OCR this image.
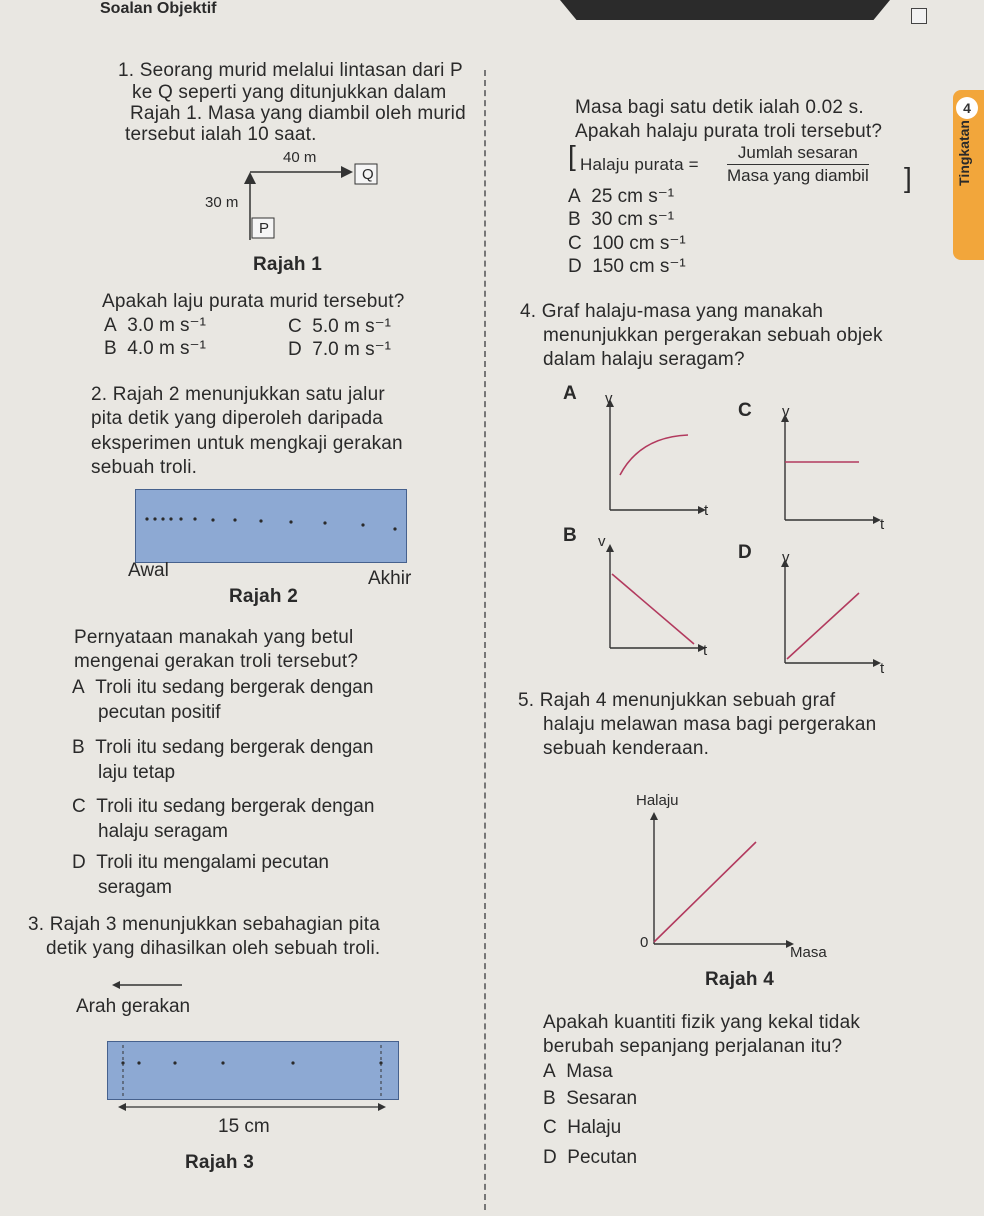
Soalan Objektif
4
Tingkatan
1. Seorang murid melalui lintasan dari P
ke Q seperti yang ditunjukkan dalam
Rajah 1. Masa yang diambil oleh murid
tersebut ialah 10 saat.
40 m
30 m
P
Q
Rajah 1
Apakah laju purata murid tersebut?
A 3.0 m s⁻¹
B 4.0 m s⁻¹
C 5.0 m s⁻¹
D 7.0 m s⁻¹
2. Rajah 2 menunjukkan satu jalur
pita detik yang diperoleh daripada
eksperimen untuk mengkaji gerakan
sebuah troli.
Awal	Akhir
Rajah 2
Pernyataan manakah yang betul
mengenai gerakan troli tersebut?
A Troli itu sedang bergerak dengan
pecutan positif
B Troli itu sedang bergerak dengan
laju tetap
C Troli itu sedang bergerak dengan
halaju seragam
D Troli itu mengalami pecutan
seragam
3. Rajah 3 menunjukkan sebahagian pita
detik yang dihasilkan oleh sebuah troli.
Arah gerakan
15 cm
Rajah 3
Masa bagi satu detik ialah 0.02 s.
Apakah halaju purata troli tersebut?
[ Halaju purata =
Jumlah sesaran
Masa yang diambil ]
A 25 cm s⁻¹
B 30 cm s⁻¹
C 100 cm s⁻¹
D 150 cm s⁻¹
4. Graf halaju-masa yang manakah
menunjukkan pergerakan sebuah objek
dalam halaju seragam?
A v
t
C v
t
B v
t
D v
t
5. Rajah 4 menunjukkan sebuah graf
halaju melawan masa bagi pergerakan
sebuah kenderaan.
Halaju
0
Masa
Rajah 4
Apakah kuantiti fizik yang kekal tidak
berubah sepanjang perjalanan itu?
A Masa
B Sesaran
C Halaju
D Pecutan
